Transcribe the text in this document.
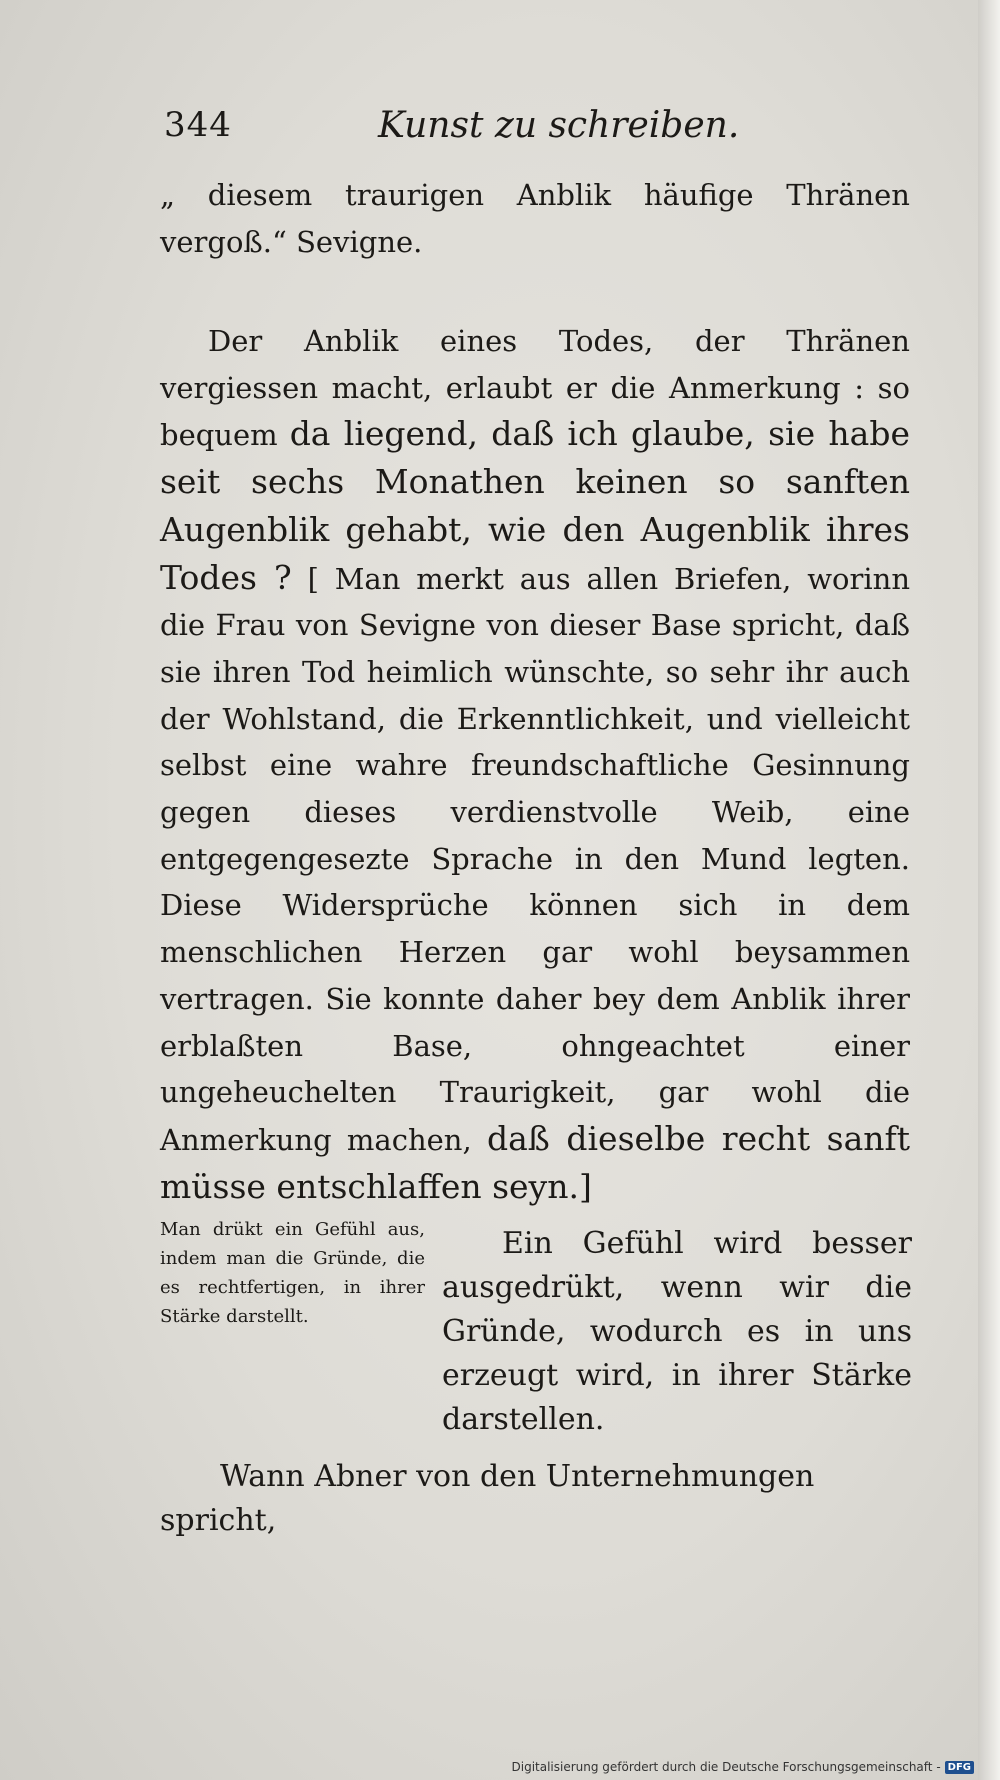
344	Kunst zu schreiben.

„ diesem traurigen Anblik häufige Thränen vergoß.“ Sevigne.

Der Anblik eines Todes, der Thränen vergiessen macht, erlaubt er die Anmerkung : so bequem da liegend, daß ich glaube, sie habe seit sechs Monathen keinen so sanften Augenblik gehabt, wie den Augenblik ihres Todes ? [ Man merkt aus allen Briefen, worinn die Frau von Sevigne von dieser Base spricht, daß sie ihren Tod heimlich wünschte, so sehr ihr auch der Wohlstand, die Erkenntlichkeit, und vielleicht selbst eine wahre freundschaftliche Gesinnung gegen dieses verdienstvolle Weib, eine entgegengesezte Sprache in den Mund legten. Diese Widersprüche können sich in dem menschlichen Herzen gar wohl beysammen vertragen. Sie konnte daher bey dem Anblik ihrer erblaßten Base, ohngeachtet einer ungeheuchelten Traurigkeit, gar wohl die Anmerkung machen, daß dieselbe recht sanft müsse entschlaffen seyn.]

Man drükt ein Gefühl aus, indem man die Gründe, die es rechtfertigen, in ihrer Stärke darstellt.

Ein Gefühl wird besser ausgedrükt, wenn wir die Gründe, wodurch es in uns erzeugt wird, in ihrer Stärke darstellen.

Wann Abner von den Unternehmungen spricht,

Digitalisierung gefördert durch die Deutsche Forschungsgemeinschaft - DFG
